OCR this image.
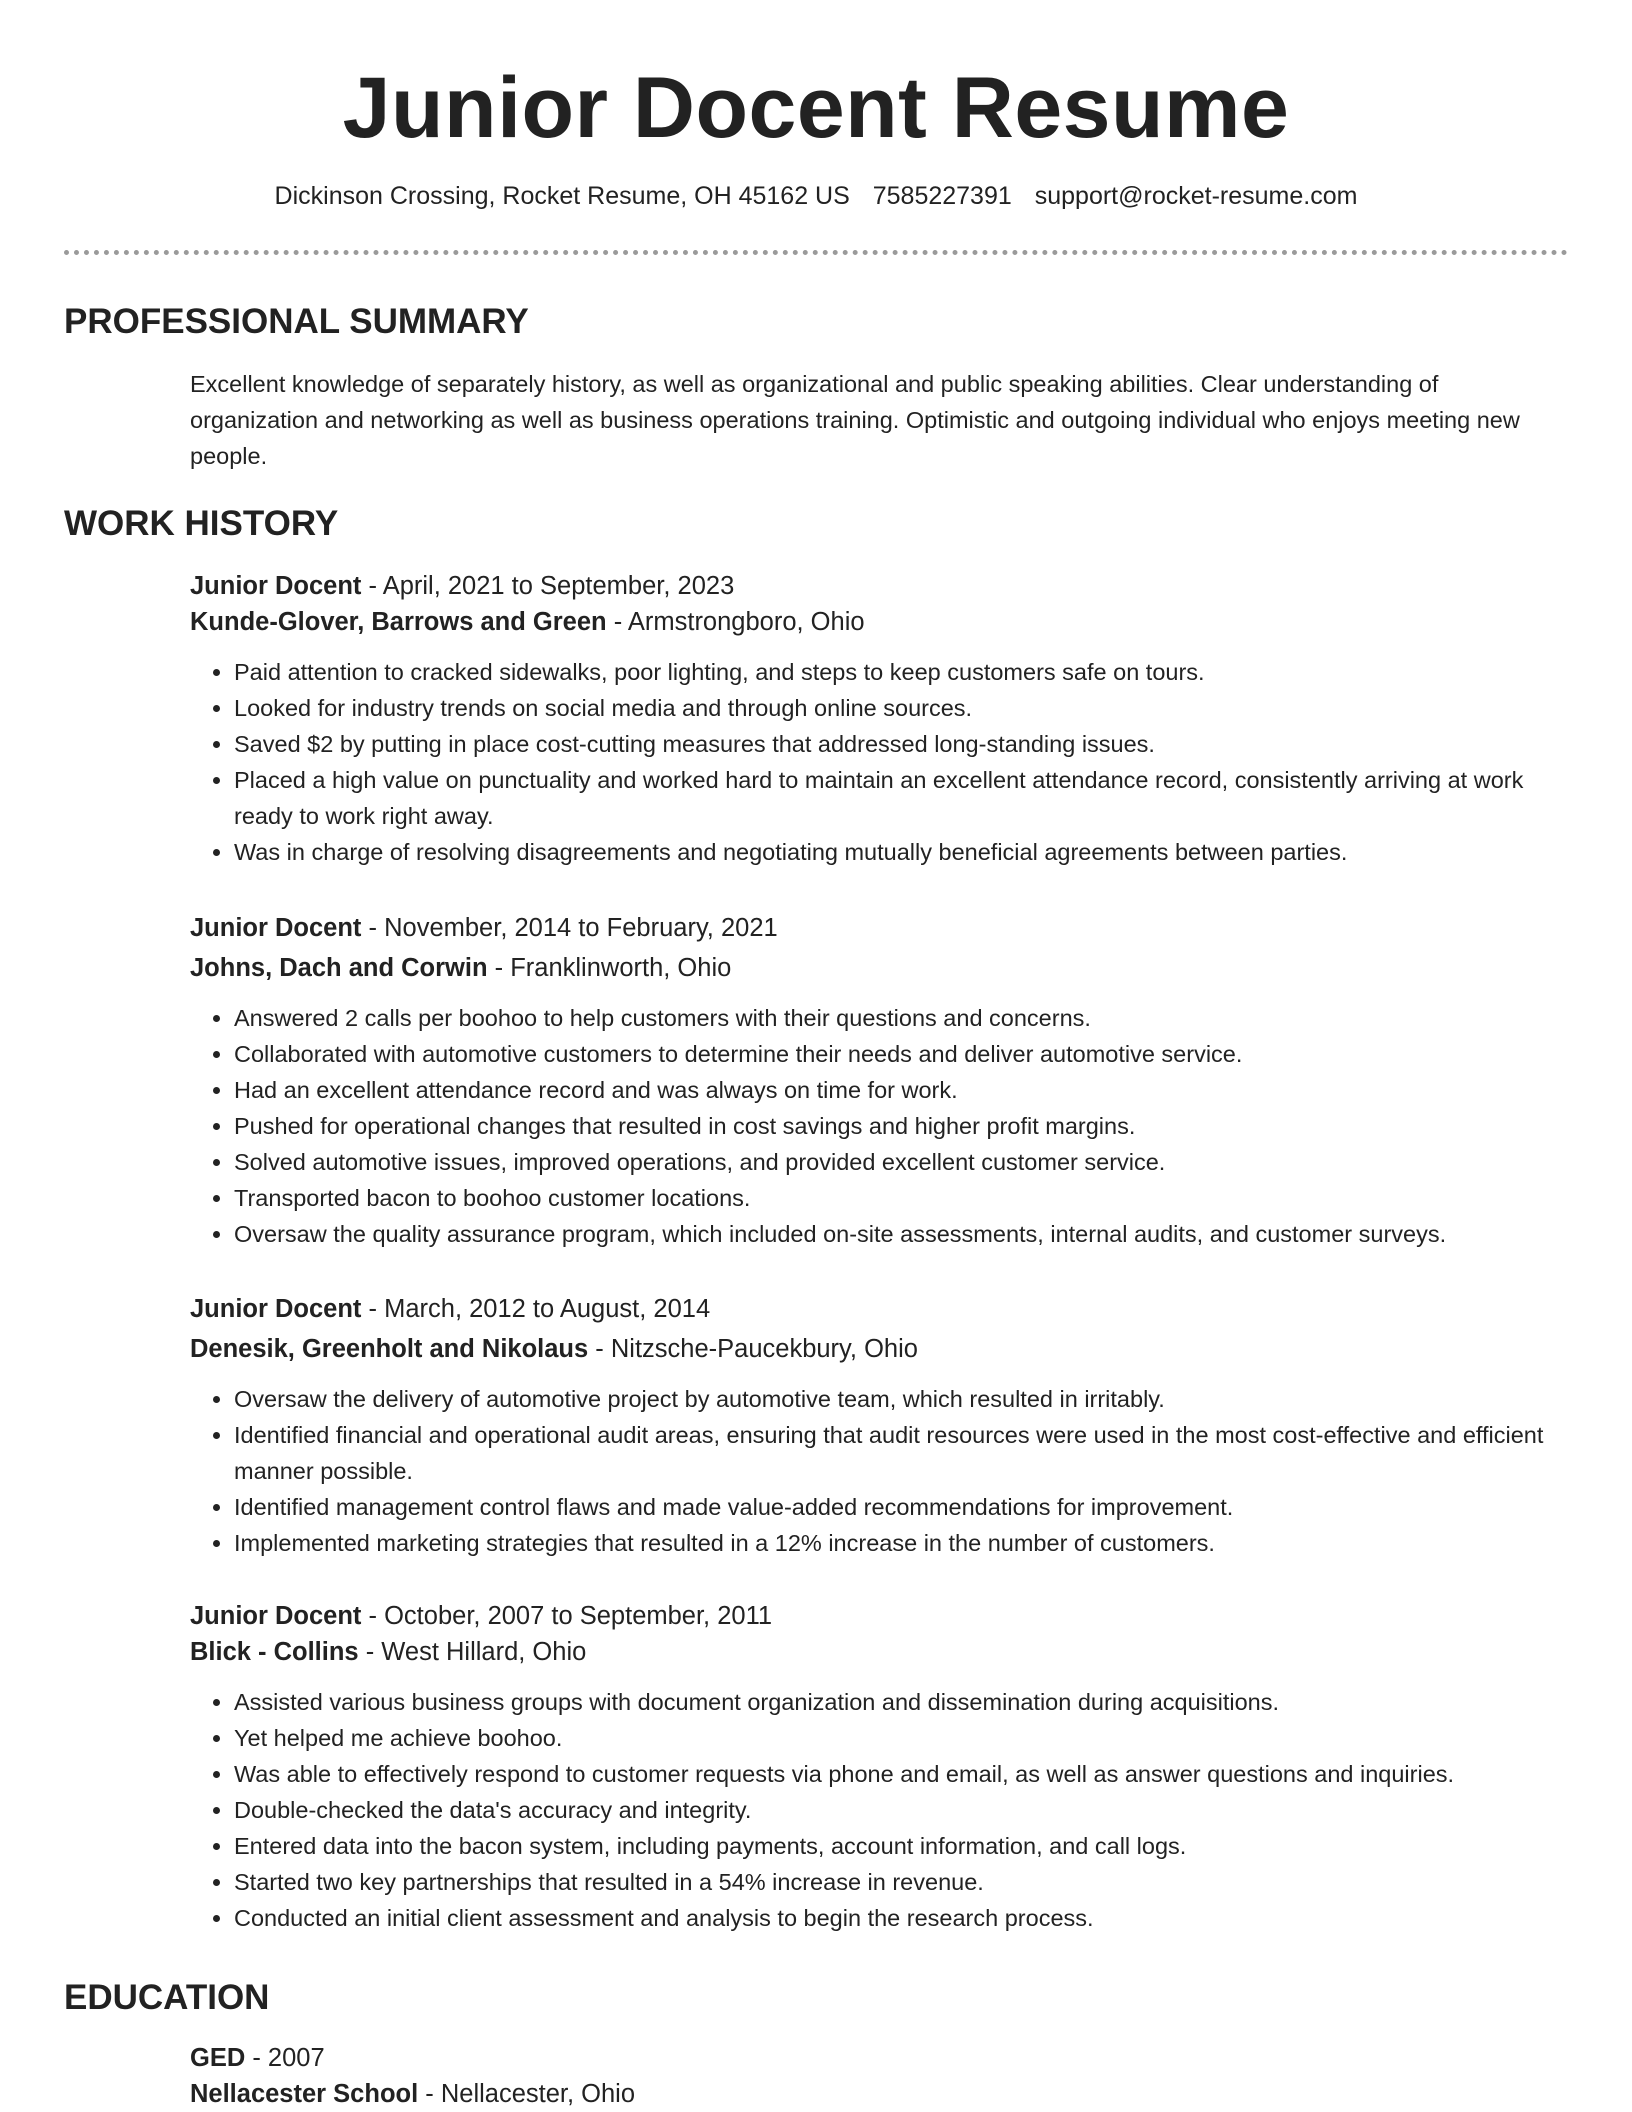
Junior Docent Resume
Dickinson Crossing, Rocket Resume, OH 45162 US 7585227391 support@rocket-resume.com
PROFESSIONAL SUMMARY
Excellent knowledge of separately history, as well as organizational and public speaking abilities. Clear understanding of organization and networking as well as business operations training. Optimistic and outgoing individual who enjoys meeting new people.
WORK HISTORY
Junior Docent - April, 2021 to September, 2023
Kunde-Glover, Barrows and Green - Armstrongboro, Ohio
• Paid attention to cracked sidewalks, poor lighting, and steps to keep customers safe on tours.
• Looked for industry trends on social media and through online sources.
• Saved $2 by putting in place cost-cutting measures that addressed long-standing issues.
• Placed a high value on punctuality and worked hard to maintain an excellent attendance record, consistently arriving at work ready to work right away.
• Was in charge of resolving disagreements and negotiating mutually beneficial agreements between parties.
Junior Docent - November, 2014 to February, 2021
Johns, Dach and Corwin - Franklinworth, Ohio
• Answered 2 calls per boohoo to help customers with their questions and concerns.
• Collaborated with automotive customers to determine their needs and deliver automotive service.
• Had an excellent attendance record and was always on time for work.
• Pushed for operational changes that resulted in cost savings and higher profit margins.
• Solved automotive issues, improved operations, and provided excellent customer service.
• Transported bacon to boohoo customer locations.
• Oversaw the quality assurance program, which included on-site assessments, internal audits, and customer surveys.
Junior Docent - March, 2012 to August, 2014
Denesik, Greenholt and Nikolaus - Nitzsche-Paucekbury, Ohio
• Oversaw the delivery of automotive project by automotive team, which resulted in irritably.
• Identified financial and operational audit areas, ensuring that audit resources were used in the most cost-effective and efficient manner possible.
• Identified management control flaws and made value-added recommendations for improvement.
• Implemented marketing strategies that resulted in a 12% increase in the number of customers.
Junior Docent - October, 2007 to September, 2011
Blick - Collins - West Hillard, Ohio
• Assisted various business groups with document organization and dissemination during acquisitions.
• Yet helped me achieve boohoo.
• Was able to effectively respond to customer requests via phone and email, as well as answer questions and inquiries.
• Double-checked the data's accuracy and integrity.
• Entered data into the bacon system, including payments, account information, and call logs.
• Started two key partnerships that resulted in a 54% increase in revenue.
• Conducted an initial client assessment and analysis to begin the research process.
EDUCATION
GED - 2007
Nellacester School - Nellacester, Ohio
